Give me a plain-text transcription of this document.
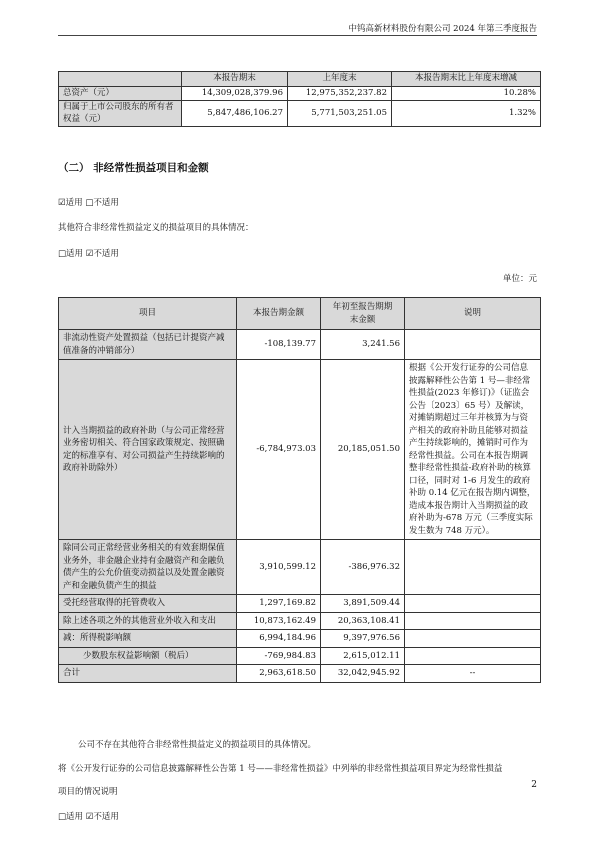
中钨高新材料股份有限公司 2024 年第三季度报告
	本报告期末	上年度末	本报告期末比上年度末增减
总资产（元）	14,309,028,379.96	12,975,352,237.82	10.28%
归属于上市公司股东的所有者权益（元）	5,847,486,106.27	5,771,503,251.05	1.32%
（二） 非经常性损益项目和金额
☑适用 □不适用
其他符合非经常性损益定义的损益项目的具体情况：
□适用 ☑不适用
单位：元
项目	本报告期金额	年初至报告期期末金额	说明
非流动性资产处置损益（包括已计提资产减值准备的冲销部分）	-108,139.77	3,241.56	
计入当期损益的政府补助（与公司正常经营业务密切相关、符合国家政策规定、按照确定的标准享有、对公司损益产生持续影响的政府补助除外）	-6,784,973.03	20,185,051.50	根据《公开发行证券的公司信息披露解释性公告第 1 号—非经常性损益(2023 年修订)》（证监会公告〔2023〕65 号）及解读，对摊销期超过三年并核算为与资产相关的政府补助且能够对损益产生持续影响的，摊销时可作为经常性损益。公司在本报告期调整非经常性损益-政府补助的核算口径，同时对 1-6 月发生的政府补助 0.14 亿元在报告期内调整，造成本报告期计入当期损益的政府补助为-678 万元（三季度实际发生数为 748 万元）。
除同公司正常经营业务相关的有效套期保值业务外，非金融企业持有金融资产和金融负债产生的公允价值变动损益以及处置金融资产和金融负债产生的损益	3,910,599.12	-386,976.32	
受托经营取得的托管费收入	1,297,169.82	3,891,509.44	
除上述各项之外的其他营业外收入和支出	10,873,162.49	20,363,108.41	
减：所得税影响额	6,994,184.96	9,397,976.56	
少数股东权益影响额（税后）	-769,984.83	2,615,012.11	
合计	2,963,618.50	32,042,945.92	--
公司不存在其他符合非经常性损益定义的损益项目的具体情况。
将《公开发行证券的公司信息披露解释性公告第 1 号——非经常性损益》中列举的非经常性损益项目界定为经常性损益
项目的情况说明
□适用 ☑不适用
2
